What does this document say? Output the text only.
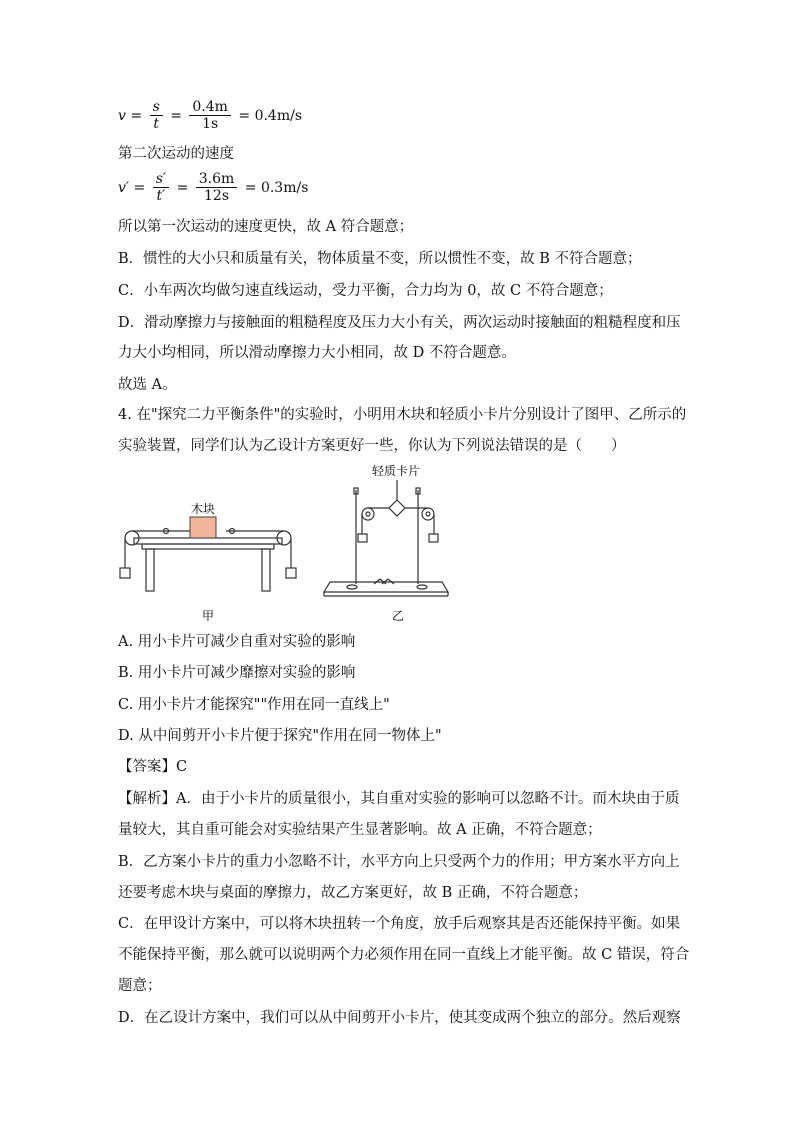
$v = \frac{s}{t} = \frac{0.4m}{1s} = 0.4m/s$
第二次运动的速度
$v' = \frac{s'}{t'} = \frac{3.6m}{12s} = 0.3m/s$
所以第一次运动的速度更快，故 A 符合题意；
B．惯性的大小只和质量有关，物体质量不变，所以惯性不变，故 B 不符合题意；
C．小车两次均做匀速直线运动，受力平衡，合力均为 0，故 C 不符合题意；
D．滑动摩擦力与接触面的粗糙程度及压力大小有关，两次运动时接触面的粗糙程度和压
力大小均相同，所以滑动摩擦力大小相同，故 D 不符合题意。
故选 A。
4. 在"探究二力平衡条件"的实验时，小明用木块和轻质小卡片分别设计了图甲、乙所示的
实验装置，同学们认为乙设计方案更好一些，你认为下列说法错误的是（　　）
木块
轻质卡片
甲	乙
A. 用小卡片可减少自重对实验的影响
B. 用小卡片可减少靡擦对实验的影响
C. 用小卡片才能探究""作用在同一直线上"
D. 从中间剪开小卡片便于探究"作用在同一物体上"
【答案】C
【解析】A．由于小卡片的质量很小，其自重对实验的影响可以忽略不计。而木块由于质
量较大，其自重可能会对实验结果产生显著影响。故 A 正确，不符合题意；
B．乙方案小卡片的重力小忽略不计，水平方向上只受两个力的作用；甲方案水平方向上
还要考虑木块与桌面的摩擦力，故乙方案更好，故 B 正确，不符合题意；
C．在甲设计方案中，可以将木块扭转一个角度，放手后观察其是否还能保持平衡。如果
不能保持平衡，那么就可以说明两个力必须作用在同一直线上才能平衡。故 C 错误，符合
题意；
D．在乙设计方案中，我们可以从中间剪开小卡片，使其变成两个独立的部分。然后观察
